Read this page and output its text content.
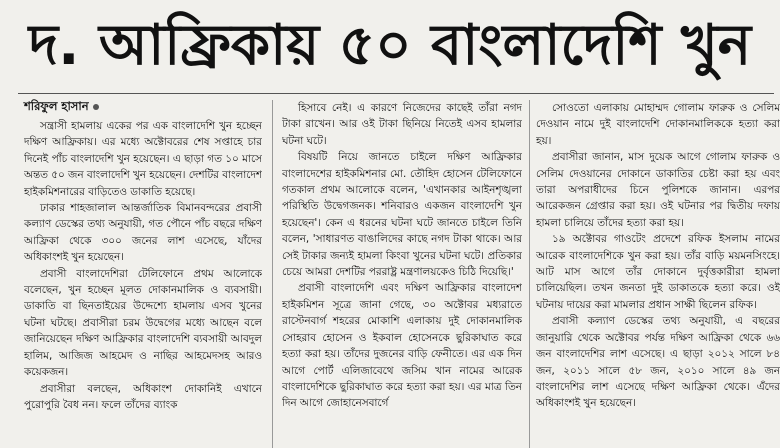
দ. আফ্রিকায় ৫০ বাংলাদেশি খুন
শরিফুল হাসান

সন্ত্রাসী হামলায় একের পর এক বাংলাদেশি খুন হচ্ছেন দক্ষিণ আফ্রিকায়। এর মধ্যে অক্টোবরের শেষ সপ্তাহে চার দিনেই পাঁচ বাংলাদেশি খুন হয়েছেন। এ ছাড়া গত ১০ মাসে অন্তত ৫০ জন বাংলাদেশি খুন হয়েছেন। দেশটির বাংলাদেশ হাইকমিশনারের বাড়িতেও ডাকাতি হয়েছে।

ঢাকার শাহজালাল আন্তর্জাতিক বিমানবন্দরের প্রবাসী কল্যাণ ডেস্কের তথ্য অনুযায়ী, গত পৌনে পাঁচ বছরে দক্ষিণ আফ্রিকা থেকে ৩০০ জনের লাশ এসেছে, যাঁদের অধিকাংশই খুন হয়েছেন।

প্রবাসী বাংলাদেশিরা টেলিফোনে প্রথম আলোকে বলেছেন, খুন হচ্ছেন মূলত দোকানমালিক ও ব্যবসায়ী। ডাকাতি বা ছিনতাইয়ের উদ্দেশ্যে হামলায় এসব খুনের ঘটনা ঘটছে। প্রবাসীরা চরম উদ্বেগের মধ্যে আছেন বলে জানিয়েছেন দক্ষিণ আফ্রিকার বাংলাদেশি ব্যবসায়ী আবদুল হালিম, আজিজ আহমেদ ও নাছির আহমেদসহ আরও কয়েকজন।

প্রবাসীরা বলছেন, অধিকাংশ দোকানিই এখানে পুরোপুরি বৈধ নন। ফলে তাঁদের ব্যাংক

হিসাবে নেই। এ কারণে নিজেদের কাছেই তাঁরা নগদ টাকা রাখেন। আর ওই টাকা ছিনিয়ে নিতেই এসব হামলার ঘটনা ঘটে।

বিষয়টি নিয়ে জানতে চাইলে দক্ষিণ আফ্রিকার বাংলাদেশের হাইকমিশনার মো. তৌহিদ হোসেন টেলিফোনে গতকাল প্রথম আলোকে বলেন, 'এখানকার আইনশৃঙ্খলা পরিস্থিতি উদ্বেগজনক। শনিবারও একজন বাংলাদেশি খুন হয়েছেন'। কেন এ ধরনের ঘটনা ঘটে জানতে চাইলে তিনি বলেন, 'সাধারণত বাঙালিদের কাছে নগদ টাকা থাকে। আর সেই টাকার জন্যই হামলা কিংবা খুনের ঘটনা ঘটে। প্রতিকার চেয়ে আমরা দেশটির পররাষ্ট্র মন্ত্রণালয়কেও চিঠি দিয়েছি।'

প্রবাসী বাংলাদেশি এবং দক্ষিণ আফ্রিকার বাংলাদেশ হাইকমিশন সূত্রে জানা গেছে, ৩০ অক্টোবর মধ্যরাতে রাস্টেনবার্গ শহরের মোকাশি এলাকায় দুই দোকানমালিক সোহরাব হোসেন ও ইকবাল হোসেনকে ছুরিকাঘাত করে হত্যা করা হয়। তাঁদের দুজনের বাড়ি ফেনীতে। এর এক দিন আগে পোর্ট এলিজাবেথে জসিম খান নামের আরেক বাংলাদেশিকে ছুরিকাঘাত করে হত্যা করা হয়। এর মাত্র তিন দিন আগে জোহানেসবার্গে

সোওতো এলাকায় মোহাম্মদ গোলাম ফারুক ও সেলিম দেওয়ান নামে দুই বাংলাদেশি দোকানমালিককে হত্যা করা হয়।

প্রবাসীরা জানান, মাস দুয়েক আগে গোলাম ফারুক ও সেলিম দেওয়ানের দোকানে ডাকাতির চেষ্টা করা হয় এবং তারা অপরাধীদের চিনে পুলিশকে জানান। এরপর আরেকজন গ্রেপ্তার করা হয়। ওই ঘটনার পর দ্বিতীয় দফায় হামলা চালিয়ে তাঁদের হত্যা করা হয়।

১৯ অক্টোবর গাওটেং প্রদেশে রফিক ইসলাম নামের আরেক বাংলাদেশিকে খুন করা হয়। তাঁর বাড়ি ময়মনসিংহে। আট মাস আগে তাঁর দোকানে দুর্বৃত্তকারীরা হামলা চালিয়েছিল। তখন জনতা দুই ডাকাতকে হত্যা করে। ওই ঘটনায় দায়ের করা মামলার প্রধান সাক্ষী ছিলেন রফিক।

প্রবাসী কল্যাণ ডেস্কের তথ্য অনুযায়ী, এ বছরের জানুয়ারি থেকে অক্টোবর পর্যন্ত দক্ষিণ আফ্রিকা থেকে ৬৬ জন বাংলাদেশির লাশ এসেছে। এ ছাড়া ২০১২ সালে ৮৪ জন, ২০১১ সালে ৫৮ জন, ২০১০ সালে ৪৯ জন বাংলাদেশির লাশ এসেছে দক্ষিণ আফ্রিকা থেকে। এঁদের অধিকাংশই খুন হয়েছেন।
